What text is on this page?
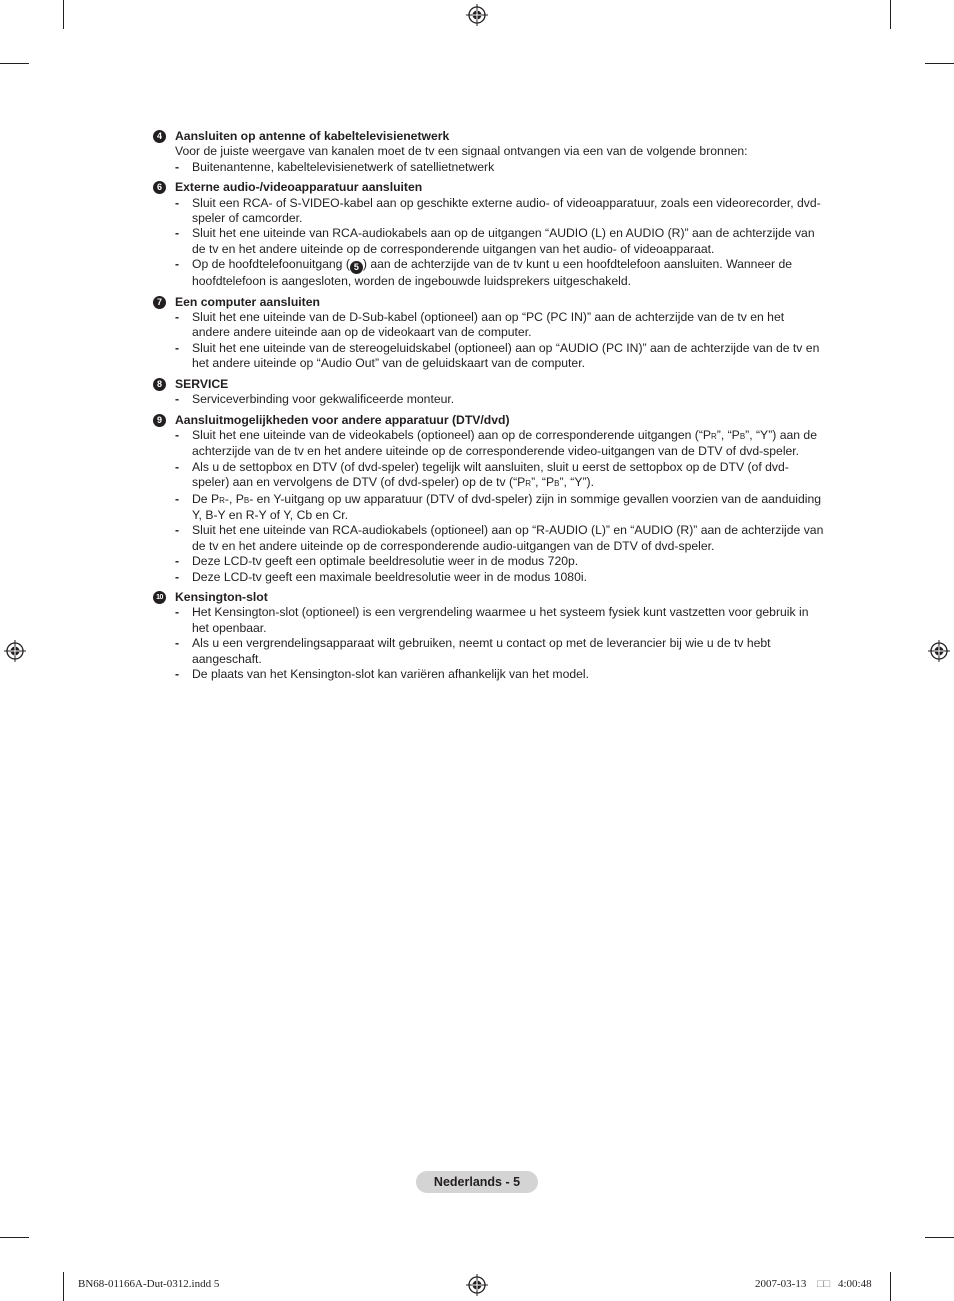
4	Aansluiten op antenne of kabeltelevisienetwerk
Voor de juiste weergave van kanalen moet de tv een signaal ontvangen via een van de volgende bronnen:
-	Buitenantenne, kabeltelevisienetwerk of satellietnetwerk
6	Externe audio-/videoapparatuur aansluiten
-	Sluit een RCA- of S-VIDEO-kabel aan op geschikte externe audio- of videoapparatuur, zoals een videorecorder, dvd-speler of camcorder.
-	Sluit het ene uiteinde van RCA-audiokabels aan op de uitgangen “AUDIO (L) en AUDIO (R)” aan de achterzijde van de tv en het andere uiteinde op de corresponderende uitgangen van het audio- of videoapparaat.
-	Op de hoofdtelefoonuitgang ( 5 ) aan de achterzijde van de tv kunt u een hoofdtelefoon aansluiten. Wanneer de hoofdtelefoon is aangesloten, worden de ingebouwde luidsprekers uitgeschakeld.
7	Een computer aansluiten
-	Sluit het ene uiteinde van de D-Sub-kabel (optioneel) aan op “PC (PC IN)” aan de achterzijde van de tv en het andere andere uiteinde aan op de videokaart van de computer.
-	Sluit het ene uiteinde van de stereogeluidskabel (optioneel) aan op “AUDIO (PC IN)” aan de achterzijde van de tv en het andere uiteinde op “Audio Out” van de geluidskaart van de computer.
8	SERVICE
-	Serviceverbinding voor gekwalificeerde monteur.
9	Aansluitmogelijkheden voor andere apparatuur (DTV/dvd)
-	Sluit het ene uiteinde van de videokabels (optioneel) aan op de corresponderende uitgangen (“PR”, “PB”, “Y”) aan de achterzijde van de tv en het andere uiteinde op de corresponderende video-uitgangen van de DTV of dvd-speler.
-	Als u de settopbox en DTV (of dvd-speler) tegelijk wilt aansluiten, sluit u eerst de settopbox op de DTV (of dvd-speler) aan en vervolgens de DTV (of dvd-speler) op de tv (“PR”, “PB”, “Y”).
-	De PR-, PB- en Y-uitgang op uw apparatuur (DTV of dvd-speler) zijn in sommige gevallen voorzien van de aanduiding Y, B-Y en R-Y of Y, Cb en Cr.
-	Sluit het ene uiteinde van RCA-audiokabels (optioneel) aan op “R-AUDIO (L)” en “AUDIO (R)” aan de achterzijde van de tv en het andere uiteinde op de corresponderende audio-uitgangen van de DTV of dvd-speler.
-	Deze LCD-tv geeft een optimale beeldresolutie weer in de modus 720p.
-	Deze LCD-tv geeft een maximale beeldresolutie weer in de modus 1080i.
10 Kensington-slot
-	Het Kensington-slot (optioneel) is een vergrendeling waarmee u het systeem fysiek kunt vastzetten voor gebruik in het openbaar.
-	Als u een vergrendelingsapparaat wilt gebruiken, neemt u contact op met de leverancier bij wie u de tv hebt aangeschaft.
-	De plaats van het Kensington-slot kan variëren afhankelijk van het model.
Nederlands - 5
BN68-01166A-Dut-0312.indd 5	2007-03-13 □□ 4:00:48
